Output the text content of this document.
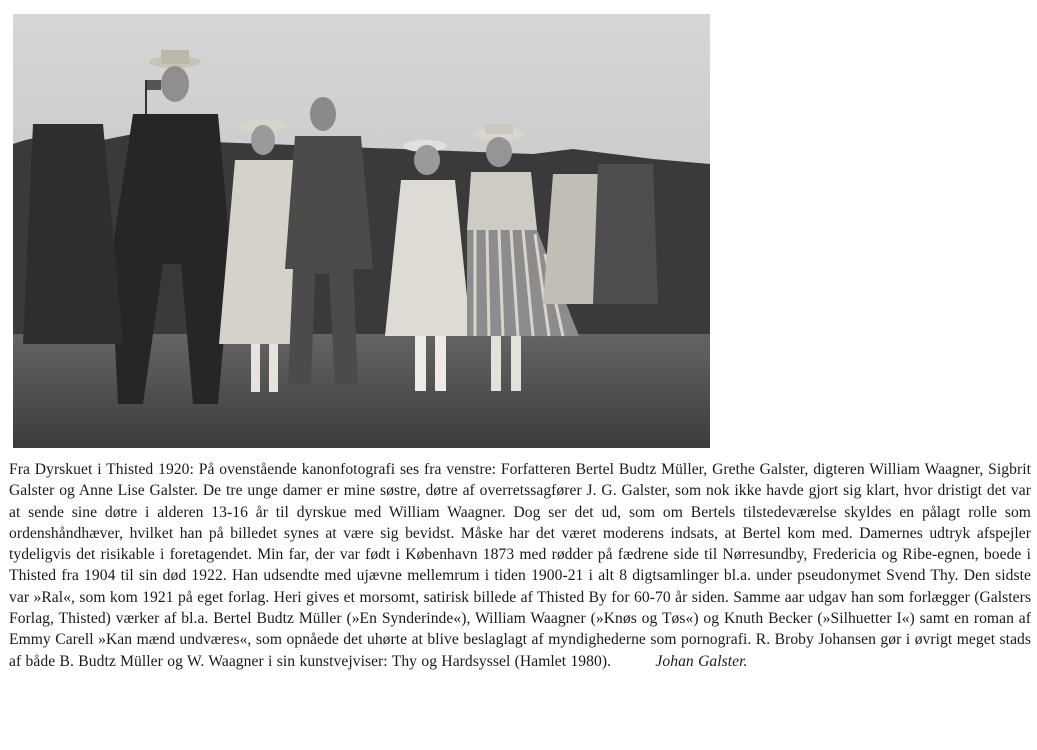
Fra Dyrskuet i Thisted 1920: På ovenstående kanonfotografi ses fra venstre: Forfatteren Bertel Budtz Müller, Grethe Galster, digteren William Waagner, Sigbrit Galster og Anne Lise Galster. De tre unge damer er mine søstre, døtre af overretssagfører J. G. Galster, som nok ikke havde gjort sig klart, hvor dristigt det var at sende sine døtre i alderen 13-16 år til dyrskue med William Waagner. Dog ser det ud, som om Bertels tilstedeværelse skyldes en pålagt rolle som ordenshåndhæver, hvilket han på billedet synes at være sig bevidst. Måske har det været moderens indsats, at Bertel kom med. Damernes udtryk afspejler tydeligvis det risikable i foretagendet. Min far, der var født i København 1873 med rødder på fædrene side til Nørresundby, Fredericia og Ribe-egnen, boede i Thisted fra 1904 til sin død 1922. Han udsendte med ujævne mellemrum i tiden 1900-21 i alt 8 digtsamlinger bl.a. under pseudonymet Svend Thy. Den sidste var »Ral«, som kom 1921 på eget forlag. Heri gives et morsomt, satirisk billede af Thisted By for 60-70 år siden. Samme aar udgav han som forlægger (Galsters Forlag, Thisted) værker af bl.a. Bertel Budtz Müller (»En Synderinde«), William Waagner (»Knøs og Tøs«) og Knuth Becker (»Silhuetter I«) samt en roman af Emmy Carell »Kan mænd undværes«, som opnåede det uhørte at blive beslaglagt af myndighederne som pornografi. R. Broby Johansen gør i øvrigt meget stads af både B. Budtz Müller og W. Waagner i sin kunstvejviser: Thy og Hardsyssel (Hamlet 1980).	Johan Galster.
